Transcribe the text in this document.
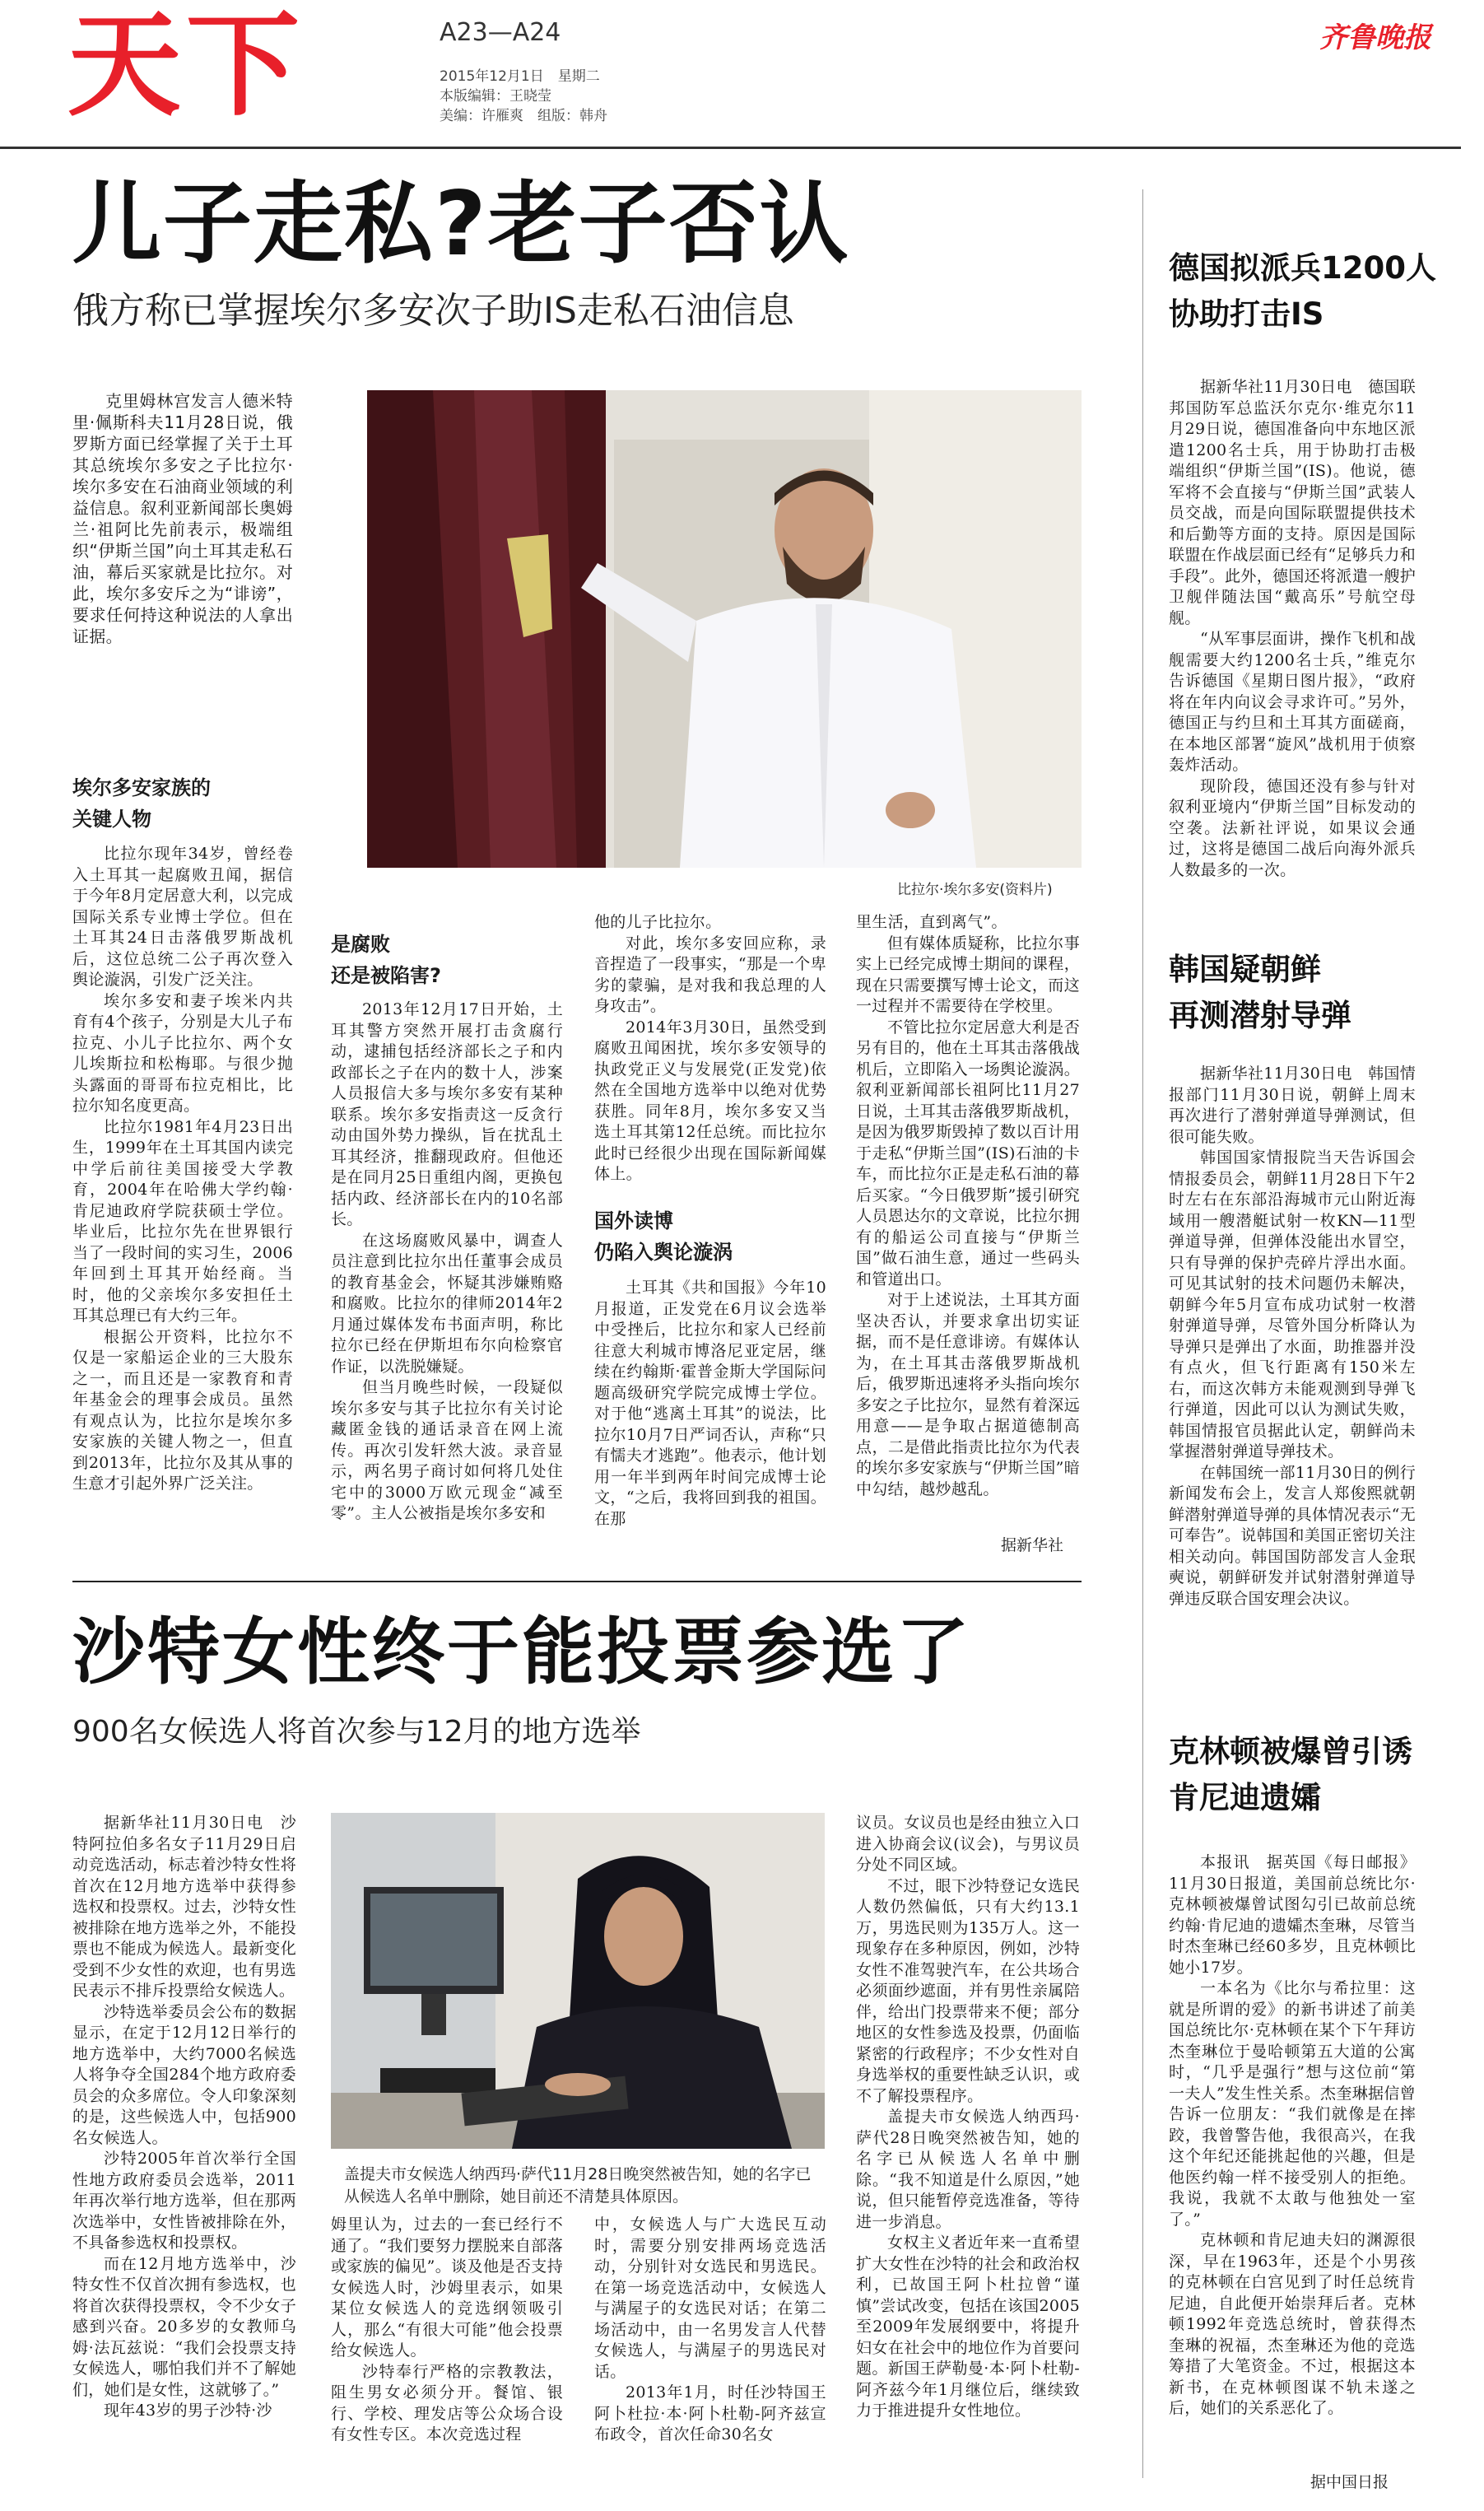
天下	A23—A24
2015年12月1日　星期二
本版编辑：王晓莹
美编：许雁爽　组版：韩舟
齐鲁晚报
儿子走私?老子否认
俄方称已掌握埃尔多安次子助IS走私石油信息
克里姆林宫发言人德米特里·佩斯科夫11月28日说，俄罗斯方面已经掌握了关于土耳其总统埃尔多安之子比拉尔·埃尔多安在石油商业领域的利益信息。叙利亚新闻部长奥姆兰·祖阿比先前表示，极端组织“伊斯兰国”向土耳其走私石油，幕后买家就是比拉尔。对此，埃尔多安斥之为“诽谤”，要求任何持这种说法的人拿出证据。
比拉尔·埃尔多安(资料片)
埃尔多安家族的
关键人物

比拉尔现年34岁，曾经卷入土耳其一起腐败丑闻，据信于今年8月定居意大利，以完成国际关系专业博士学位。但在土耳其24日击落俄罗斯战机后，这位总统二公子再次登入舆论漩涡，引发广泛关注。

埃尔多安和妻子埃米内共育有4个孩子，分别是大儿子布拉克、小儿子比拉尔、两个女儿埃斯拉和松梅耶。与很少抛头露面的哥哥布拉克相比，比拉尔知名度更高。

比拉尔1981年4月23日出生，1999年在土耳其国内读完中学后前往美国接受大学教育，2004年在哈佛大学约翰·肯尼迪政府学院获硕士学位。毕业后，比拉尔先在世界银行当了一段时间的实习生，2006年回到土耳其开始经商。当时，他的父亲埃尔多安担任土耳其总理已有大约三年。

根据公开资料，比拉尔不仅是一家船运企业的三大股东之一，而且还是一家教育和青年基金会的理事会成员。虽然有观点认为，比拉尔是埃尔多安家族的关键人物之一，但直到2013年，比拉尔及其从事的生意才引起外界广泛关注。

是腐败
还是被陷害?

2013年12月17日开始，土耳其警方突然开展打击贪腐行动，逮捕包括经济部长之子和内政部长之子在内的数十人，涉案人员报信大多与埃尔多安有某种联系。埃尔多安指责这一反贪行动由国外势力操纵，旨在扰乱土耳其经济，推翻现政府。但他还是在同月25日重组内阁，更换包括内政、经济部长在内的10名部长。

在这场腐败风暴中，调查人员注意到比拉尔出任董事会成员的教育基金会，怀疑其涉嫌贿赂和腐败。比拉尔的律师2014年2月通过媒体发布书面声明，称比拉尔已经在伊斯坦布尔向检察官作证，以洗脱嫌疑。

但当月晚些时候，一段疑似埃尔多安与其子比拉尔有关讨论藏匿金钱的通话录音在网上流传。再次引发轩然大波。录音显示，两名男子商讨如何将几处住宅中的3000万欧元现金“减至零”。主人公被指是埃尔多安和

他的儿子比拉尔。

对此，埃尔多安回应称，录音捏造了一段事实，“那是一个卑劣的蒙骗，是对我和我总理的人身攻击”。

2014年3月30日，虽然受到腐败丑闻困扰，埃尔多安领导的执政党正义与发展党(正发党)依然在全国地方选举中以绝对优势获胜。同年8月，埃尔多安又当选土耳其第12任总统。而比拉尔此时已经很少出现在国际新闻媒体上。

国外读博
仍陷入舆论漩涡

土耳其《共和国报》今年10月报道，正发党在6月议会选举中受挫后，比拉尔和家人已经前往意大利城市博洛尼亚定居，继续在约翰斯·霍普金斯大学国际问题高级研究学院完成博士学位。对于他“逃离土耳其”的说法，比拉尔10月7日严词否认，声称“只有懦夫才逃跑”。他表示，他计划用一年半到两年时间完成博士论文，“之后，我将回到我的祖国。在那

里生活，直到离气”。

但有媒体质疑称，比拉尔事实上已经完成博士期间的课程，现在只需要撰写博士论文，而这一过程并不需要待在学校里。

不管比拉尔定居意大利是否另有目的，他在土耳其击落俄战机后，立即陷入一场舆论漩涡。叙利亚新闻部长祖阿比11月27日说，土耳其击落俄罗斯战机，是因为俄罗斯毁掉了数以百计用于走私“伊斯兰国”(IS)石油的卡车，而比拉尔正是走私石油的幕后买家。“今日俄罗斯”援引研究人员恩达尔的文章说，比拉尔拥有的船运公司直接与“伊斯兰国”做石油生意，通过一些码头和管道出口。

对于上述说法，土耳其方面坚决否认，并要求拿出切实证据，而不是任意诽谤。有媒体认为，在土耳其击落俄罗斯战机后，俄罗斯迅速将矛头指向埃尔多安之子比拉尔，显然有着深远用意——是争取占据道德制高点，二是借此指责比拉尔为代表的埃尔多安家族与“伊斯兰国”暗中勾结，越炒越乱。

据新华社
沙特女性终于能投票参选了
900名女候选人将首次参与12月的地方选举

据新华社11月30日电　沙特阿拉伯多名女子11月29日启动竞选活动，标志着沙特女性将首次在12月地方选举中获得参选权和投票权。过去，沙特女性被排除在地方选举之外，不能投票也不能成为候选人。最新变化受到不少女性的欢迎，也有男选民表示不排斥投票给女候选人。

沙特选举委员会公布的数据显示，在定于12月12日举行的地方选举中，大约7000名候选人将争夺全国284个地方政府委员会的众多席位。令人印象深刻的是，这些候选人中，包括900名女候选人。

沙特2005年首次举行全国性地方政府委员会选举，2011年再次举行地方选举，但在那两次选举中，女性皆被排除在外，不具备参选权和投票权。

而在12月地方选举中，沙特女性不仅首次拥有参选权，也将首次获得投票权，令不少女子感到兴奋。20多岁的女教师乌姆·法瓦兹说：“我们会投票支持女候选人，哪怕我们并不了解她们，她们是女性，这就够了。”

现年43岁的男子沙特·沙

盖提夫市女候选人纳西玛·萨代11月28日晚突然被告知，她的名字已从候选人名单中删除，她目前还不清楚具体原因。

姆里认为，过去的一套已经行不通了。“我们要努力摆脱来自部落或家族的偏见”。谈及他是否支持女候选人时，沙姆里表示，如果某位女候选人的竞选纲领吸引人，那么“有很大可能”他会投票给女候选人。

沙特奉行严格的宗教教法，阻生男女必须分开。餐馆、银行、学校、理发店等公众场合设有女性专区。本次竞选过程

中，女候选人与广大选民互动时，需要分别安排两场竞选活动，分别针对女选民和男选民。在第一场竞选活动中，女候选人与满屋子的女选民对话；在第二场活动中，由一名男发言人代替女候选人，与满屋子的男选民对话。

2013年1月，时任沙特国王阿卜杜拉·本·阿卜杜勒-阿齐兹宣布政令，首次任命30名女

议员。女议员也是经由独立入口进入协商会议(议会)，与男议员分处不同区域。

不过，眼下沙特登记女选民人数仍然偏低，只有大约13.1万，男选民则为135万人。这一现象存在多种原因，例如，沙特女性不准驾驶汽车，在公共场合必须面纱遮面，并有男性亲属陪伴，给出门投票带来不便；部分地区的女性参选及投票，仍面临紧密的行政程序；不少女性对自身选举权的重要性缺乏认识，或不了解投票程序。

盖提夫市女候选人纳西玛·萨代28日晚突然被告知，她的名字已从候选人名单中删除。“我不知道是什么原因，”她说，但只能暂停竞选准备，等待进一步消息。

女权主义者近年来一直希望扩大女性在沙特的社会和政治权利，已故国王阿卜杜拉曾“谨慎”尝试改变，包括在该国2005至2009年发展纲要中，将提升妇女在社会中的地位作为首要问题。新国王萨勒曼·本·阿卜杜勒-阿齐兹今年1月继位后，继续致力于推进提升女性地位。

德国拟派兵1200人
协助打击IS

据新华社11月30日电　德国联邦国防军总监沃尔克尔·维克尔11月29日说，德国准备向中东地区派遣1200名士兵，用于协助打击极端组织“伊斯兰国”(IS)。他说，德军将不会直接与“伊斯兰国”武装人员交战，而是向国际联盟提供技术和后勤等方面的支持。原因是国际联盟在作战层面已经有“足够兵力和手段”。此外，德国还将派遣一艘护卫舰伴随法国“戴高乐”号航空母舰。

“从军事层面讲，操作飞机和战舰需要大约1200名士兵，”维克尔告诉德国《星期日图片报》，“政府将在年内向议会寻求许可。”另外，德国正与约旦和土耳其方面磋商，在本地区部署“旋风”战机用于侦察轰炸活动。

现阶段，德国还没有参与针对叙利亚境内“伊斯兰国”目标发动的空袭。法新社评说，如果议会通过，这将是德国二战后向海外派兵人数最多的一次。

韩国疑朝鲜
再测潜射导弹

据新华社11月30日电　韩国情报部门11月30日说，朝鲜上周末再次进行了潜射弹道导弹测试，但很可能失败。

韩国国家情报院当天告诉国会情报委员会，朝鲜11月28日下午2时左右在东部沿海城市元山附近海域用一艘潜艇试射一枚KN—11型弹道导弹，但弹体没能出水冒空，只有导弹的保护壳碎片浮出水面。可见其试射的技术问题仍未解决，朝鲜今年5月宣布成功试射一枚潜射弹道导弹，尽管外国分析降认为导弹只是弹出了水面，助推器并没有点火，但飞行距离有150米左右，而这次韩方未能观测到导弹飞行弹道，因此可以认为测试失败，韩国情报官员据此认定，朝鲜尚未掌握潜射弹道导弹技术。

在韩国统一部11月30日的例行新闻发布会上，发言人郑俊熙就朝鲜潜射弹道导弹的具体情况表示“无可奉告”。说韩国和美国正密切关注相关动向。韩国国防部发言人金珉奭说，朝鲜研发并试射潜射弹道导弹违反联合国安理会决议。

克林顿被爆曾引诱
肯尼迪遗孀

本报讯　据英国《每日邮报》11月30日报道，美国前总统比尔·克林顿被爆曾试图勾引已故前总统约翰·肯尼迪的遗孀杰奎琳，尽管当时杰奎琳已经60多岁，且克林顿比她小17岁。

一本名为《比尔与希拉里：这就是所谓的爱》的新书讲述了前美国总统比尔·克林顿在某个下午拜访杰奎琳位于曼哈顿第五大道的公寓时，“几乎是强行”想与这位前“第一夫人”发生性关系。杰奎琳据信曾告诉一位朋友：“我们就像是在摔跤，我曾警告他，我很高兴，在我这个年纪还能挑起他的兴趣，但是他医约翰一样不接受别人的拒绝。我说，我就不太敢与他独处一室了。”

克林顿和肯尼迪夫妇的渊源很深，早在1963年，还是个小男孩的克林顿在白宫见到了时任总统肯尼迪，自此便开始崇拜后者。克林顿1992年竞选总统时，曾获得杰奎琳的祝福，杰奎琳还为他的竞选筹措了大笔资金。不过，根据这本新书，在克林顿图谋不轨未遂之后，她们的关系恶化了。

据中国日报
